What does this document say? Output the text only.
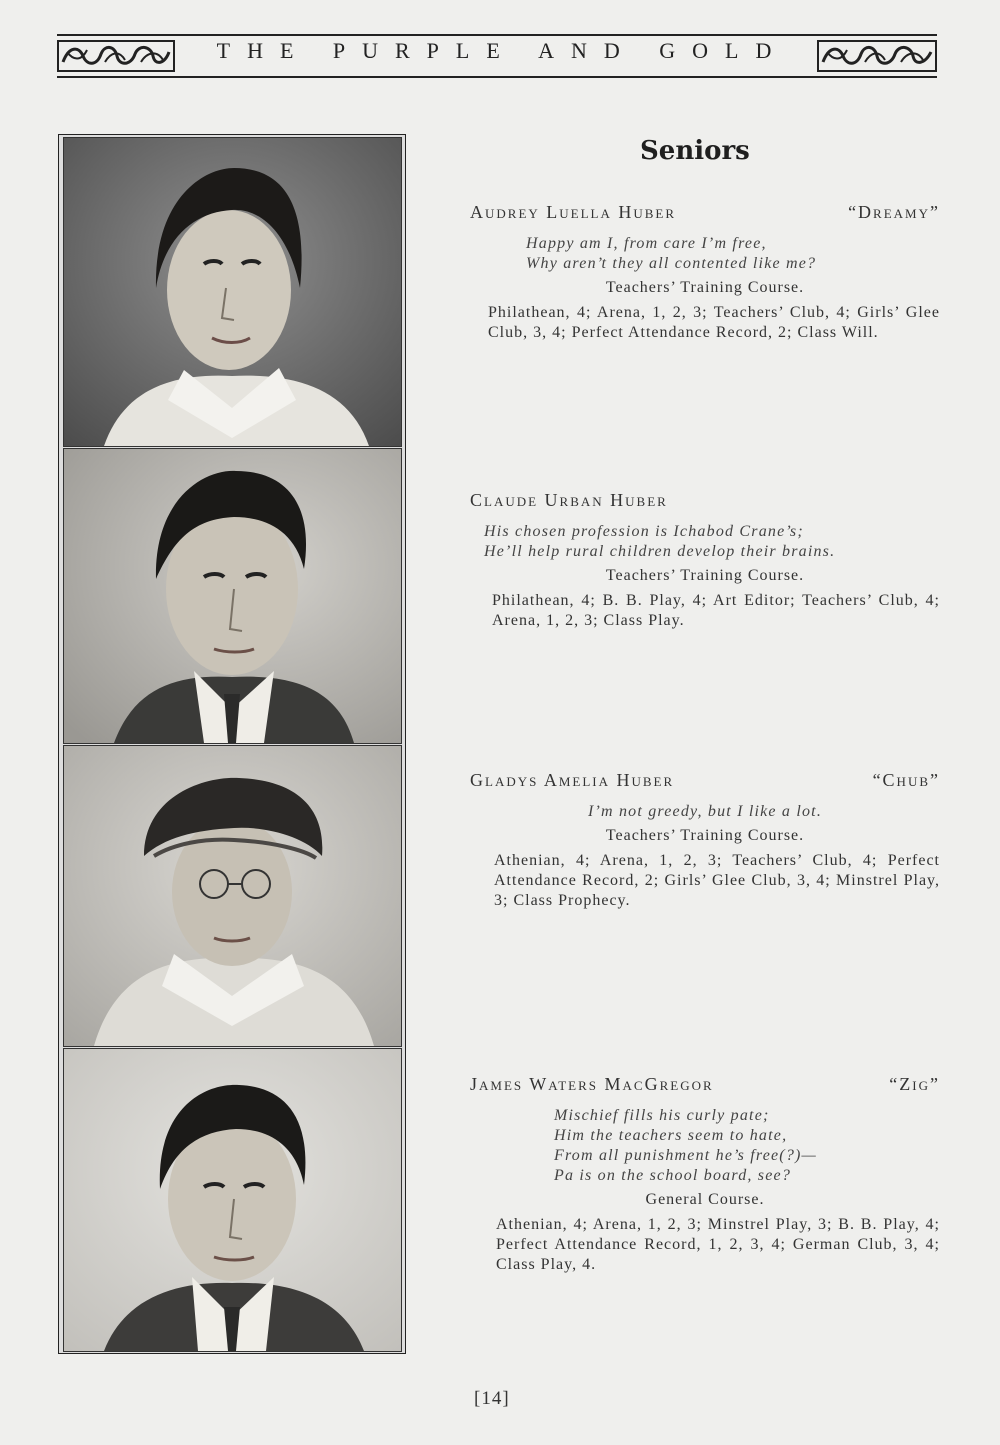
THE PURPLE AND GOLD
Seniors
Audrey Luella Huber	“Dreamy”
Happy am I, from care I’m free,
Why aren’t they all contented like me?
Teachers’ Training Course.
Philathean, 4; Arena, 1, 2, 3; Teachers’ Club, 4; Girls’ Glee Club, 3, 4; Perfect Attendance Record, 2; Class Will.
Claude Urban Huber
His chosen profession is Ichabod Crane’s;
He’ll help rural children develop their brains.
Teachers’ Training Course.
Philathean, 4; B. B. Play, 4; Art Editor; Teachers’ Club, 4; Arena, 1, 2, 3; Class Play.
Gladys Amelia Huber	“Chub”
I’m not greedy, but I like a lot.
Teachers’ Training Course.
Athenian, 4; Arena, 1, 2, 3; Teachers’ Club, 4; Perfect Attendance Record, 2; Girls’ Glee Club, 3, 4; Minstrel Play, 3; Class Prophecy.
James Waters MacGregor	“Zig”
Mischief fills his curly pate;
Him the teachers seem to hate,
From all punishment he’s free(?)—
Pa is on the school board, see?
General Course.
Athenian, 4; Arena, 1, 2, 3; Minstrel Play, 3; B. B. Play, 4; Perfect Attendance Record, 1, 2, 3, 4; German Club, 3, 4; Class Play, 4.
[14]
